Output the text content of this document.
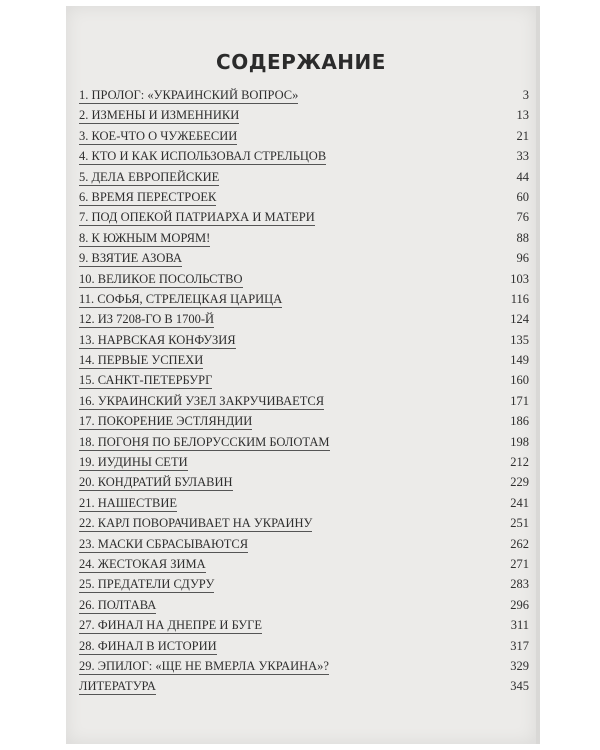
СОДЕРЖАНИЕ
1. ПРОЛОГ: «УКРАИНСКИЙ ВОПРОС»	3
2. ИЗМЕНЫ И ИЗМЕННИКИ	13
3. КОЕ-ЧТО О ЧУЖЕБЕСИИ	21
4. КТО И КАК ИСПОЛЬЗОВАЛ СТРЕЛЬЦОВ	33
5. ДЕЛА ЕВРОПЕЙСКИЕ	44
6. ВРЕМЯ ПЕРЕСТРОЕК	60
7. ПОД ОПЕКОЙ ПАТРИАРХА И МАТЕРИ	76
8. К ЮЖНЫМ МОРЯМ!	88
9. ВЗЯТИЕ АЗОВА	96
10. ВЕЛИКОЕ ПОСОЛЬСТВО	103
11. СОФЬЯ, СТРЕЛЕЦКАЯ ЦАРИЦА	116
12. ИЗ 7208-ГО В 1700-Й	124
13. НАРВСКАЯ КОНФУЗИЯ	135
14. ПЕРВЫЕ УСПЕХИ	149
15. САНКТ-ПЕТЕРБУРГ	160
16. УКРАИНСКИЙ УЗЕЛ ЗАКРУЧИВАЕТСЯ	171
17. ПОКОРЕНИЕ ЭСТЛЯНДИИ	186
18. ПОГОНЯ ПО БЕЛОРУССКИМ БОЛОТАМ	198
19. ИУДИНЫ СЕТИ	212
20. КОНДРАТИЙ БУЛАВИН	229
21. НАШЕСТВИЕ	241
22. КАРЛ ПОВОРАЧИВАЕТ НА УКРАИНУ	251
23. МАСКИ СБРАСЫВАЮТСЯ	262
24. ЖЕСТОКАЯ ЗИМА	271
25. ПРЕДАТЕЛИ СДУРУ	283
26. ПОЛТАВА	296
27. ФИНАЛ НА ДНЕПРЕ И БУГЕ	311
28. ФИНАЛ В ИСТОРИИ	317
29. ЭПИЛОГ: «ЩЕ НЕ ВМЕРЛА УКРАИНА»?	329
ЛИТЕРАТУРА	345
